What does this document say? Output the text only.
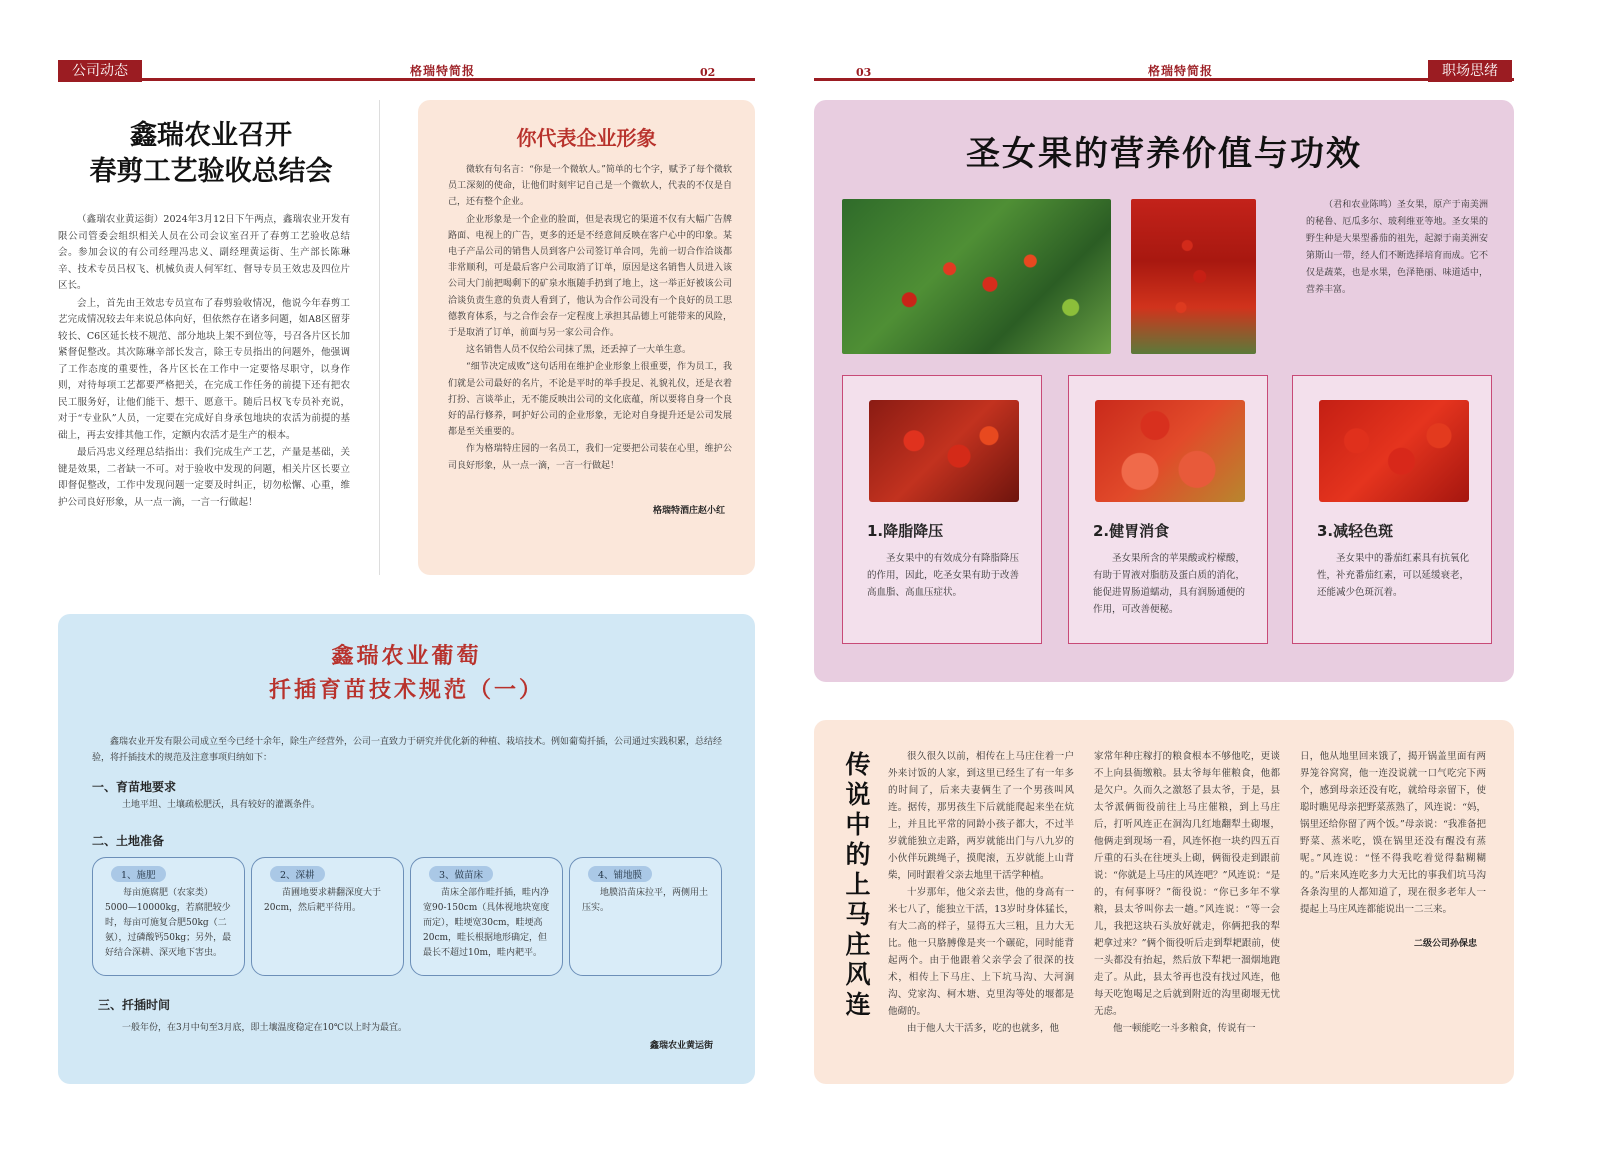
公司动态	格瑞特简报	02	03	格瑞特简报	职场思绪
鑫瑞农业召开
春剪工艺验收总结会

（鑫瑞农业黄运街）2024年3月12日下午两点，鑫瑞农业开发有限公司管委会组织相关人员在公司会议室召开了春剪工艺验收总结会。参加会议的有公司经理冯忠义、副经理黄运街、生产部长陈琳辛、技术专员吕权飞、机械负责人何军红、督导专员王效忠及四位片区长。

会上，首先由王效忠专员宣布了春剪验收情况，他说今年春剪工艺完成情况较去年来说总体向好，但依然存在诸多问题，如A8区留芽较长、C6区延长枝不规范、部分地块上架不到位等，号召各片区长加紧督促整改。其次陈琳辛部长发言，除王专员指出的问题外，他强调了工作态度的重要性，各片区长在工作中一定要恪尽职守，以身作则，对待每项工艺都要严格把关，在完成工作任务的前提下还有把农民工服务好，让他们能干、想干、愿意干。随后吕权飞专员补充说，对于“专业队”人员，一定要在完成好自身承包地块的农活为前提的基础上，再去安排其他工作，定额内农活才是生产的根本。

最后冯忠义经理总结指出：我们完成生产工艺，产量是基础，关键是效果，二者缺一不可。对于验收中发现的问题，相关片区长要立即督促整改，工作中发现问题一定要及时纠正，切勿松懈、心重，维护公司良好形象，从一点一滴，一言一行做起！

你代表企业形象

微软有句名言：“你是一个微软人。”简单的七个字，赋予了每个微软员工深刻的使命，让他们时刻牢记自己是一个微软人，代表的不仅是自己，还有整个企业。

企业形象是一个企业的脸面，但是表现它的渠道不仅有大幅广告牌路面、电视上的广告，更多的还是不经意间反映在客户心中的印象。某电子产品公司的销售人员到客户公司签订单合同，先前一切合作洽谈都非常顺利，可是最后客户公司取消了订单，原因是这名销售人员进入该公司大门前把喝剩下的矿泉水瓶随手扔到了地上，这一举正好被该公司洽谈负责生意的负责人看到了，他认为合作公司没有一个良好的员工思德教育体系，与之合作会存一定程度上承担其品德上可能带来的风险，于是取消了订单，前面与另一家公司合作。

这名销售人员不仅给公司抹了黑，还丢掉了一大单生意。

“细节决定成败”这句话用在维护企业形象上很重要，作为员工，我们就是公司最好的名片，不论是平时的举手投足、礼貌礼仪，还是衣着打扮、言谈举止，无不能反映出公司的文化底蕴，所以要将自身一个良好的品行修养，呵护好公司的企业形象，无论对自身提升还是公司发展都是至关重要的。

作为格瑞特庄园的一名员工，我们一定要把公司装在心里，维护公司良好形象，从一点一滴，一言一行做起！

格瑞特酒庄赵小红
鑫瑞农业葡萄
扦插育苗技术规范（一）

鑫瑞农业开发有限公司成立至今已经十余年，除生产经营外，公司一直致力于研究并优化新的种植、栽培技术。例如葡萄扦插，公司通过实践积累，总结经验，将扦插技术的规范及注意事项归纳如下：

一、育苗地要求
土地平坦、土壤疏松肥沃，具有较好的灌溉条件。
二、土地准备
三、扦插时间
一般年份，在3月中旬至3月底，即土壤温度稳定在10℃以上时为最宜。
鑫瑞农业黄运街
1、施肥

每亩施腐肥（农家类）5000—10000kg，若腐肥较少时，每亩可施复合肥50kg（二氨），过磷酸钙50kg；另外，最好结合深耕、深灭地下害虫。

2、深耕

苗圃地要求耕翻深度大于20cm，然后耙平待用。

3、做苗床

苗床全部作畦扦插，畦内净宽90-150cm（具体视地块宽度而定），畦埂宽30cm，畦埂高20cm，畦长根据地形确定，但最长不超过10m，畦内耙平。

4、铺地膜

地膜沿苗床拉平，两侧用土压实。

圣女果的营养价值与功效

（君和农业陈鸣）圣女果，原产于南美洲的秘鲁、厄瓜多尔、玻利维亚等地。圣女果的野生种是大果型番茄的祖先，起源于南美洲安第斯山一带，经人们不断选择培育而成。它不仅是蔬菜，也是水果，色泽艳丽、味道适中，营养丰富。

1.降脂降压

圣女果中的有效成分有降脂降压的作用，因此，吃圣女果有助于改善高血脂、高血压症状。

2.健胃消食

圣女果所含的苹果酸或柠檬酸，有助于胃液对脂肪及蛋白质的消化，能促进胃肠道蠕动，具有润肠通便的作用，可改善便秘。

3.减轻色斑

圣女果中的番茄红素具有抗氧化性，补充番茄红素，可以延缓衰老，还能减少色斑沉着。

传
说
中
的
上
马
庄
风
连

很久很久以前，相传在上马庄住着一户外来讨饭的人家，到这里已经生了有一年多的时间了，后来夫妻俩生了一个男孩叫风连。据传，那男孩生下后就能爬起来坐在炕上，并且比平常的同龄小孩子都大，不过半岁就能独立走路，两岁就能出门与八九岁的小伙伴玩跳绳子，摸爬滚，五岁就能上山背柴，同时跟着父亲去地里干活学种植。

十岁那年，他父亲去世，他的身高有一米七八了，能独立干活，13岁时身体猛长，有大二高的样子，显得五大三粗，且力大无比。他一只胳膊像是夹一个碾砣，同时能背起两个。由于他跟着父亲学会了很深的技术，相传上下马庄、上下坑马沟、大河涧沟、党家沟、柯木塘、克里沟等处的堰都是他砌的。

由于他人大干活多，吃的也就多，他

家常年种庄稼打的粮食根本不够他吃，更谈不上向县衙缴粮。县太爷每年催粮食，他都是欠户。久而久之激怒了县太爷，于是，县太爷派俩衙役前往上马庄催粮，到上马庄后，打听风连正在洞沟几红地翻犁土砌堰，他俩走到现场一看，风连怀抱一块约四五百斤重的石头在往埂头上砌，俩衙役走到跟前说：“你就是上马庄的风连吧？”风连说：“是的，有何事呀？”衙役说：“你已多年不掌粮，县太爷叫你去一趟。”风连说：“等一会儿，我把这块石头放好就走，你俩把我的犁耙拿过来？”俩个衙役听后走到犁耙跟前，使一头都没有抬起，然后放下犁耙一溜烟地跑走了。从此，县太爷再也没有找过风连，他每天吃饱喝足之后就到附近的沟里砌堰无忧无虑。

他一顿能吃一斗多粮食，传说有一

日，他从地里回来饿了，揭开锅盖里面有两界笼谷窝窝，他一连没说就一口气吃完下两个，感到母亲还没有吃，就给母亲留下，使聪时瞧见母亲把野菜蒸熟了，风连说：“妈，锅里还给你留了两个饭。”母亲说：“我准备把野菜、蒸米吃，馍在锅里还没有醒没有蒸呢。”风连说：“怪不得我吃着觉得黏糊糊的。”后来风连吃多力大无比的事我们坑马沟各条沟里的人都知道了，现在很多老年人一提起上马庄风连都能说出一二三来。

二级公司孙保忠
